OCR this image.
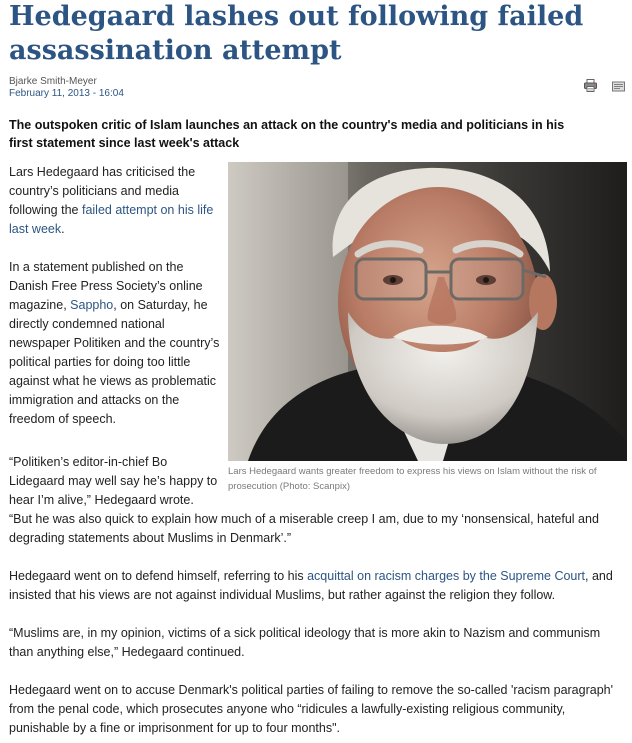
Hedegaard lashes out following failed assassination attempt
Bjarke Smith-Meyer
February 11, 2013 - 16:04

The outspoken critic of Islam launches an attack on the country's media and politicians in his first statement since last week's attack

Lars Hedegaard wants greater freedom to express his views on Islam without the risk of prosecution (Photo: Scanpix)

Lars Hedegaard has criticised the country’s politicians and media following the failed attempt on his life last week.

In a statement published on the Danish Free Press Society’s online magazine, Sappho, on Saturday, he directly condemned national newspaper Politiken and the country’s political parties for doing too little against what he views as problematic immigration and attacks on the freedom of speech.

“Politiken’s editor-in-chief Bo Lidegaard may well say he’s happy to hear I’m alive,” Hedegaard wrote.

“But he was also quick to explain how much of a miserable creep I am, due to my ‘nonsensical, hateful and degrading statements about Muslims in Denmark’.”

Hedegaard went on to defend himself, referring to his acquittal on racism charges by the Supreme Court, and insisted that his views are not against individual Muslims, but rather against the religion they follow.

“Muslims are, in my opinion, victims of a sick political ideology that is more akin to Nazism and communism than anything else,” Hedegaard continued.

Hedegaard went on to accuse Denmark's political parties of failing to remove the so-called 'racism paragraph' from the penal code, which prosecutes anyone who “ridicules a lawfully-existing religious community, punishable by a fine or imprisonment for up to four months".
